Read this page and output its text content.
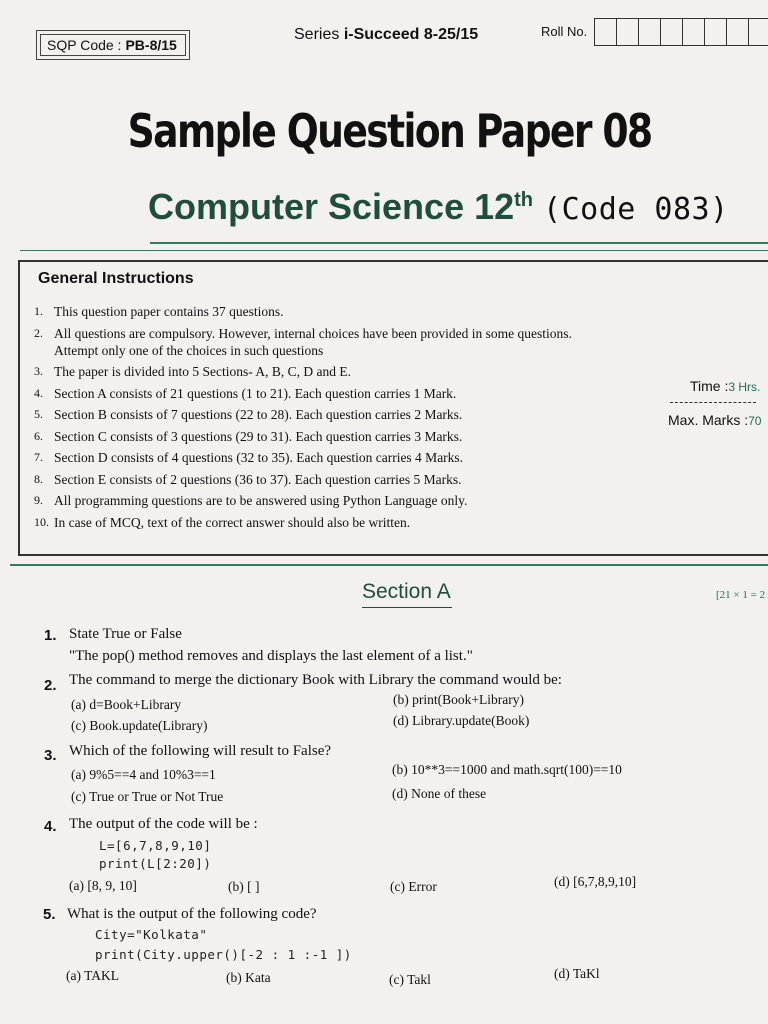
SQP Code : PB-8/15
Series i-Succeed 8-25/15	Roll No.
Sample Question Paper 08
Computer Science 12th (Code 083)
General Instructions
1. This question paper contains 37 questions.
2. All questions are compulsory. However, internal choices have been provided in some questions. Attempt only one of the choices in such questions
3. The paper is divided into 5 Sections- A, B, C, D and E.
4. Section A consists of 21 questions (1 to 21). Each question carries 1 Mark.
5. Section B consists of 7 questions (22 to 28). Each question carries 2 Marks.
6. Section C consists of 3 questions (29 to 31). Each question carries 3 Marks.
7. Section D consists of 4 questions (32 to 35). Each question carries 4 Marks.
8. Section E consists of 2 questions (36 to 37). Each question carries 5 Marks.
9. All programming questions are to be answered using Python Language only.
10. In case of MCQ, text of the correct answer should also be written.
Time :3 Hrs.
Max. Marks :70
Section A	[21 × 1 = 2
1. State True or False
"The pop() method removes and displays the last element of a list."
2. The command to merge the dictionary Book with Library the command would be:
(a) d=Book+Library	(b) print(Book+Library)
(c) Book.update(Library)	(d) Library.update(Book)
3. Which of the following will result to False?
(a) 9%5==4 and 10%3==1	(b) 10**3==1000 and math.sqrt(100)==10
(c) True or True or Not True	(d) None of these
4. The output of the code will be :
L=[6,7,8,9,10]
print(L[2:20])
(a) [8, 9, 10]	(b) [ ]	(c) Error	(d) [6,7,8,9,10]
5. What is the output of the following code?
City="Kolkata"
print(City.upper()[-2 : 1 :-1 ])
(a) TAKL	(b) Kata	(c) Takl	(d) TaKl
